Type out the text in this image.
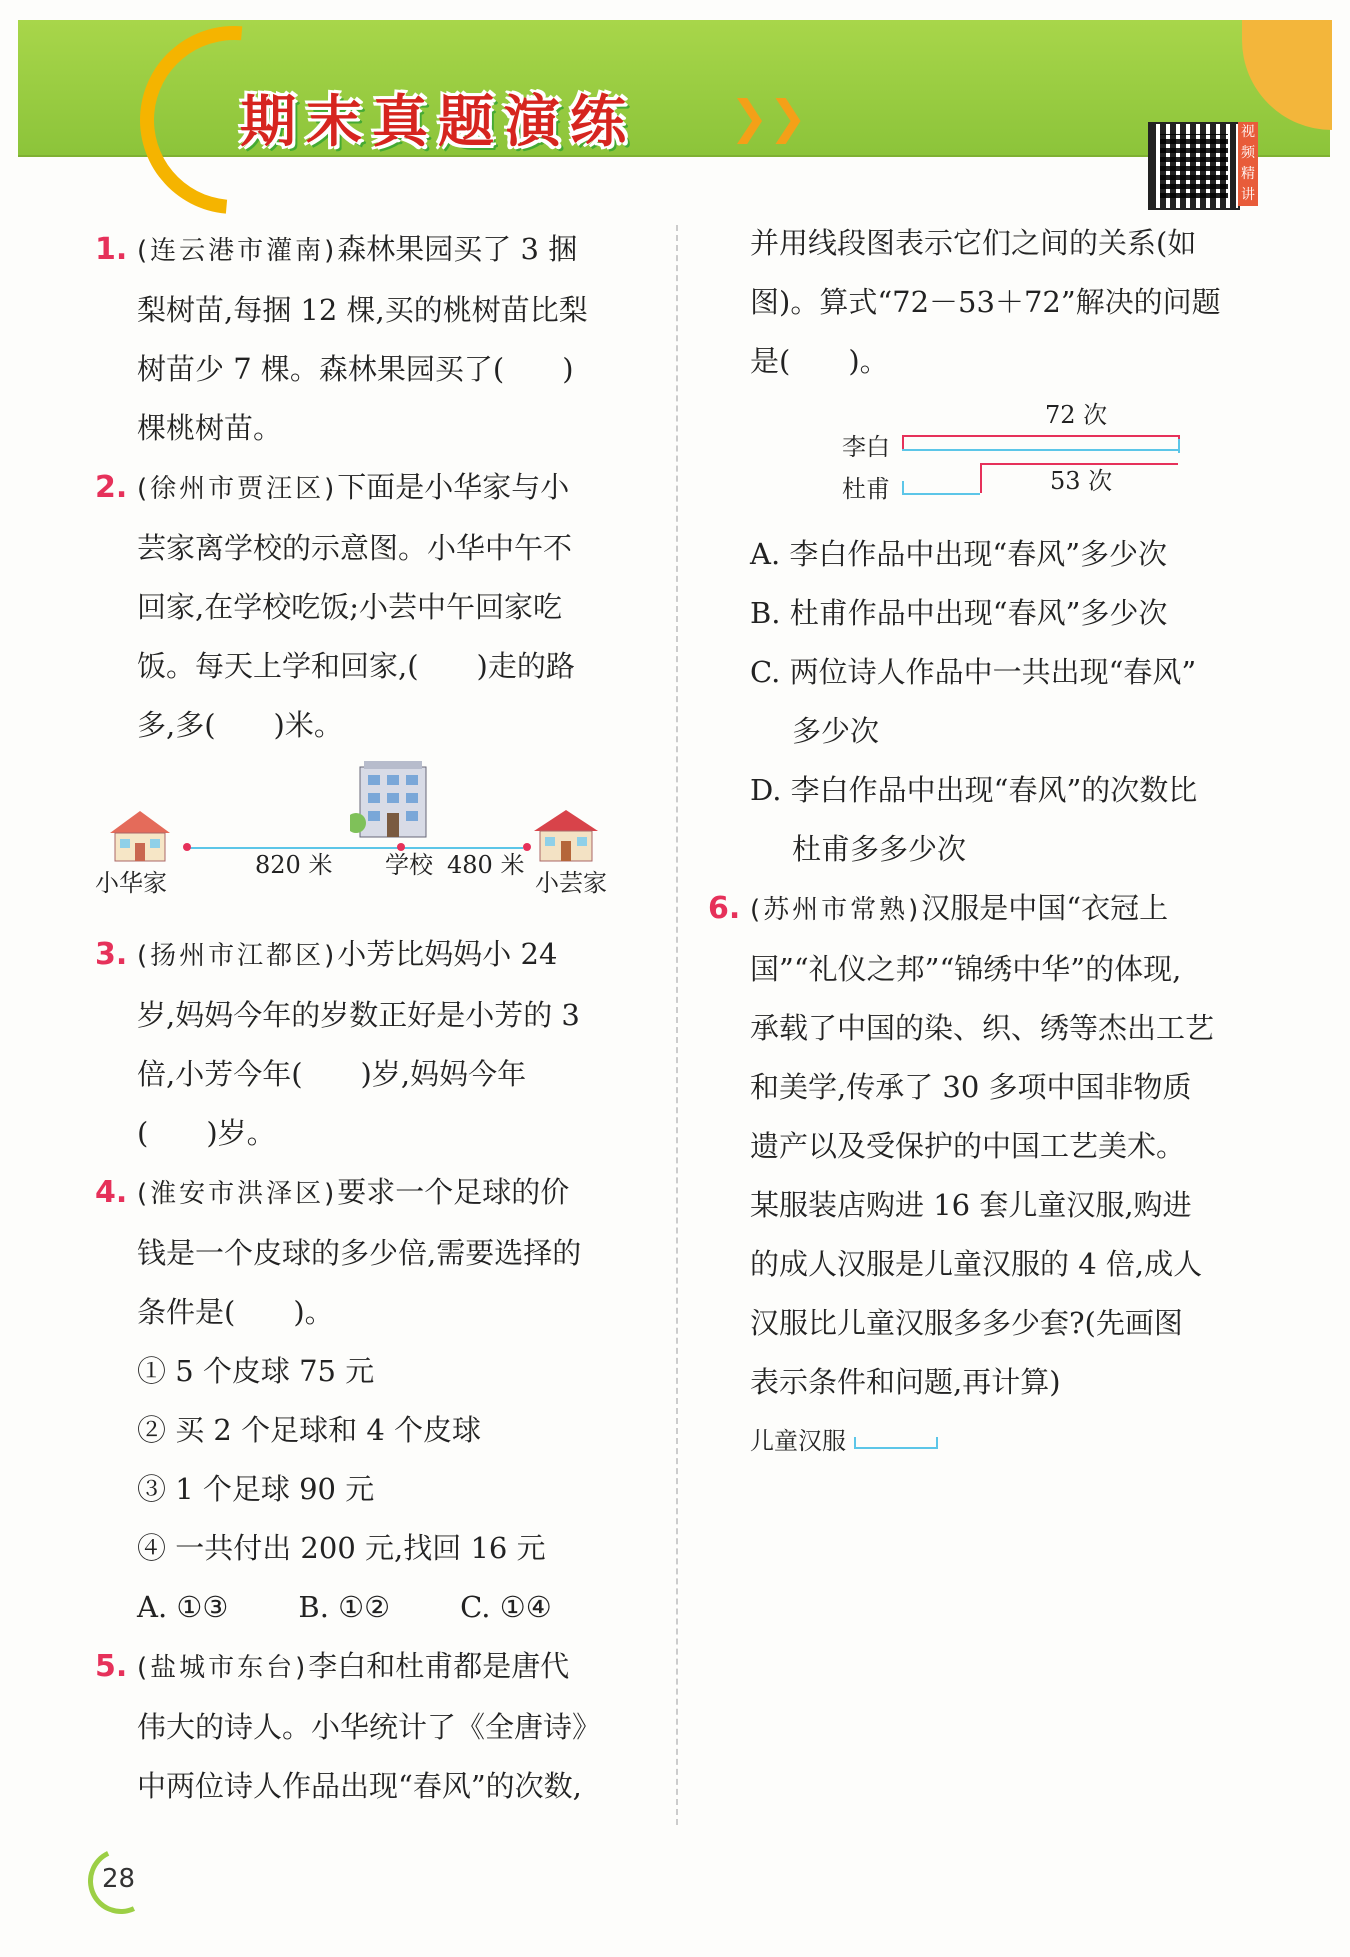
期末真题演练 ❯❯	视频精讲
1. (连云港市灌南)森林果园买了 3 捆
梨树苗,每捆 12 棵,买的桃树苗比梨
树苗少 7 棵。森林果园买了(　　)
棵桃树苗。
2. (徐州市贾汪区)下面是小华家与小
芸家离学校的示意图。小华中午不
回家,在学校吃饭;小芸中午回家吃
饭。每天上学和回家,(　　)走的路
多,多(　　)米。
小华家
820 米 学校 480 米
小芸家
3. (扬州市江都区)小芳比妈妈小 24
岁,妈妈今年的岁数正好是小芳的 3
倍,小芳今年(　　)岁,妈妈今年
(　　)岁。
4. (淮安市洪泽区)要求一个足球的价
钱是一个皮球的多少倍,需要选择的
条件是(　　)。
① 5 个皮球 75 元
② 买 2 个足球和 4 个皮球
③ 1 个足球 90 元
④ 一共付出 200 元,找回 16 元
A. ①③ B. ①② C. ①④
5. (盐城市东台)李白和杜甫都是唐代
伟大的诗人。小华统计了《全唐诗》
中两位诗人作品出现“春风”的次数,
并用线段图表示它们之间的关系(如
图)。算式“72－53＋72”解决的问题
是(　　)。
72 次
李白
杜甫	53 次
A. 李白作品中出现“春风”多少次
B. 杜甫作品中出现“春风”多少次
C. 两位诗人作品中一共出现“春风”
多少次
D. 李白作品中出现“春风”的次数比
杜甫多多少次
6. (苏州市常熟)汉服是中国“衣冠上
国”“礼仪之邦”“锦绣中华”的体现,
承载了中国的染、织、绣等杰出工艺
和美学,传承了 30 多项中国非物质
遗产以及受保护的中国工艺美术。
某服装店购进 16 套儿童汉服,购进
的成人汉服是儿童汉服的 4 倍,成人
汉服比儿童汉服多多少套?(先画图
表示条件和问题,再计算)
儿童汉服
28
